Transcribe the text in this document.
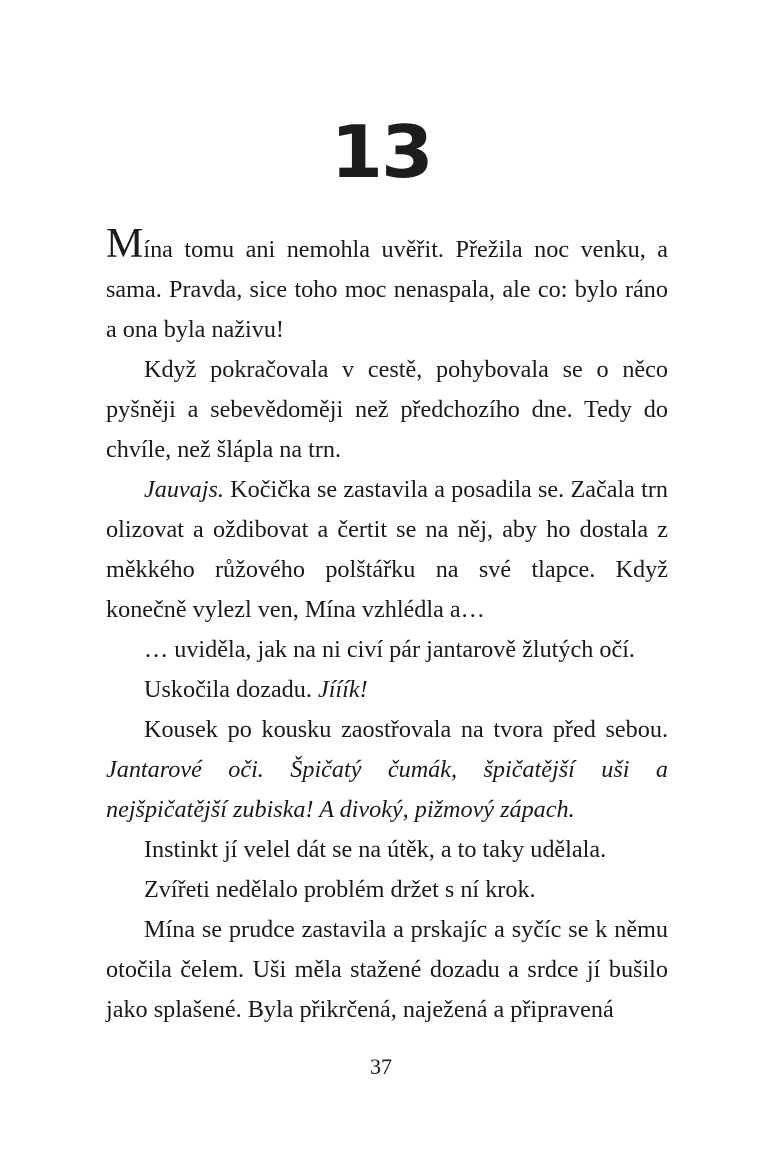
13

Mína tomu ani nemohla uvěřit. Přežila noc venku, a sama. Pravda, sice toho moc nenaspala, ale co: bylo ráno a ona byla naživu!

Když pokračovala v cestě, pohybovala se o něco pyšněji a sebevědoměji než předchozího dne. Tedy do chvíle, než šlápla na trn.

Jauvajs. Kočička se zastavila a posadila se. Začala trn olizovat a oždibovat a čertit se na něj, aby ho dostala z měkkého růžového polštářku na své tlapce. Když konečně vylezl ven, Mína vzhlédla a…

… uviděla, jak na ni civí pár jantarově žlutých očí.

Uskočila dozadu. Jííík!

Kousek po kousku zaostřovala na tvora před sebou. Jantarové oči. Špičatý čumák, špičatější uši a nejšpičatější zubiska! A divoký, pižmový zápach.

Instinkt jí velel dát se na útěk, a to taky udělala.

Zvířeti nedělalo problém držet s ní krok.

Mína se prudce zastavila a prskajíc a syčíc se k němu otočila čelem. Uši měla stažené dozadu a srdce jí bušilo jako splašené. Byla přikrčená, naježená a připravená

37
